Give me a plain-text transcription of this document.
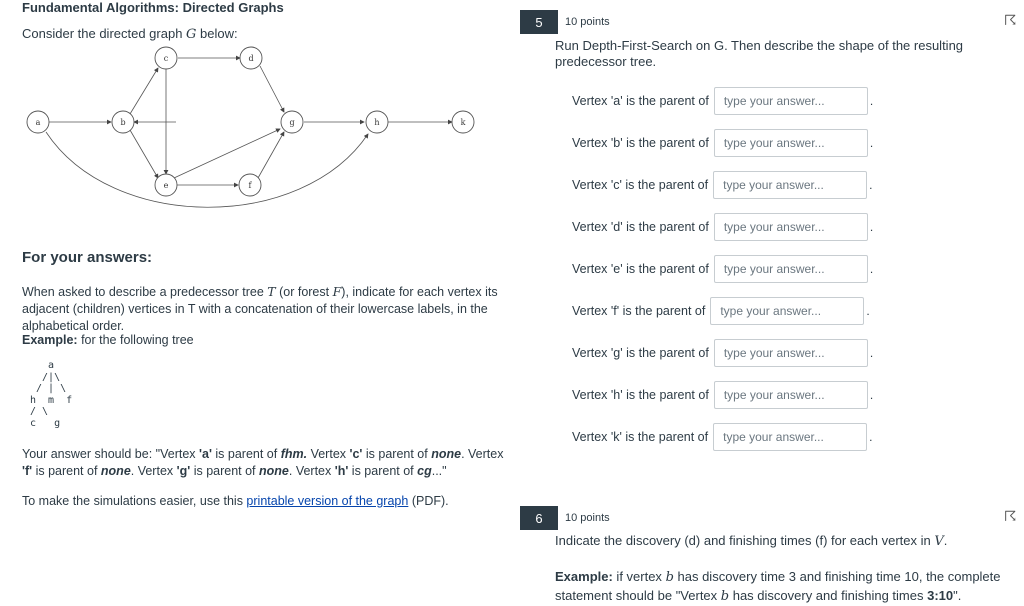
Fundamental Algorithms: Directed Graphs
Consider the directed graph G below:
a	b
c	d
e	f
g	h	k
For your answers:
When asked to describe a predecessor tree T (or forest F), indicate for each vertex its adjacent (children) vertices in T with a concatenation of their lowercase labels, in the alphabetical order.
Example: for the following tree
a
/|\
/ | \
h  m  f
/ \
c   g
Your answer should be: "Vertex 'a' is parent of fhm. Vertex 'c' is parent of none. Vertex 'f' is parent of none. Vertex 'g' is parent of none. Vertex 'h' is parent of cg..."
To make the simulations easier, use this printable version of the graph (PDF).
5	10 points	☈
Run Depth-First-Search on G. Then describe the shape of the resulting predecessor tree.
Vertex 'a' is the parent of	type your answer...	.
Vertex 'b' is the parent of	type your answer...	.
Vertex 'c' is the parent of	type your answer...	.
Vertex 'd' is the parent of	type your answer...	.
Vertex 'e' is the parent of	type your answer...	.
Vertex 'f' is the parent of	type your answer...	.
Vertex 'g' is the parent of	type your answer...	.
Vertex 'h' is the parent of	type your answer...	.
Vertex 'k' is the parent of	type your answer...	.
6	10 points	☈
Indicate the discovery (d) and finishing times (f) for each vertex in V.
Example: if vertex b has discovery time 3 and finishing time 10, the complete statement should be "Vertex b has discovery and finishing times 3:10".
